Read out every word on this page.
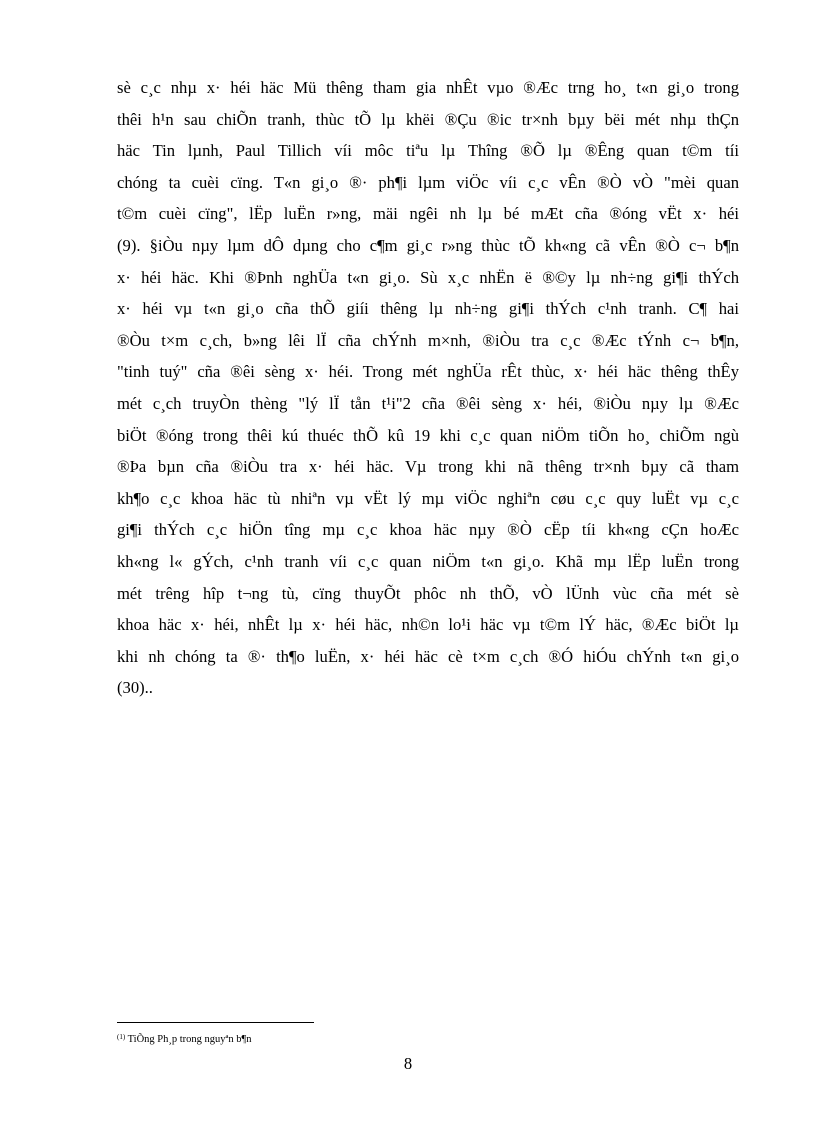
sè c¸c nhµ x· héi häc Mü thêng tham gia nhÊt vµo ®Æc trng ho¸ t«n gi¸o trong
thêi h¹n sau chiÕn tranh, thùc tÕ lµ khëi ®Çu ®ic tr×nh bµy bëi mét nhµ thÇn
häc Tin lµnh, Paul Tillich víi môc tiªu lµ Thîng ®Õ lµ ®Êng quan t©m tíi
chóng ta cuèi cïng. T«n gi¸o ®· ph¶i lµm viÖc víi c¸c vÊn ®Ò vÒ "mèi quan
t©m cuèi cïng", lËp luËn r»ng, mäi ngêi nh lµ bé mÆt cña ®óng vËt x· héi
(9). §iÒu nµy lµm dÔ dµng cho c¶m gi¸c r»ng thùc tÕ kh«ng cã vÊn ®Ò c¬ b¶n
x· héi häc. Khi ®Þnh nghÜa t«n gi¸o. Sù x¸c nhËn ë ®©y lµ nh÷ng gi¶i thÝch
x· héi vµ t«n gi¸o cña thÕ giíi thêng lµ nh÷ng gi¶i thÝch c¹nh tranh. C¶ hai
®Òu t×m c¸ch, b»ng lêi lÏ cña chÝnh m×nh, ®iÒu tra c¸c ®Æc tÝnh c¬ b¶n,
"tinh tuý" cña ®êi sèng x· héi. Trong mét nghÜa rÊt thùc, x· héi häc thêng thÊy
mét c¸ch truyÒn thèng "lý lÏ tån t¹i"2 cña ®êi sèng x· héi, ®iÒu nµy lµ ®Æc
biÖt ®óng trong thêi kú thuéc thÕ kû 19 khi c¸c quan niÖm tiÕn ho¸ chiÕm ngù
®Þa bµn cña ®iÒu tra x· héi häc. Vµ trong khi nã thêng tr×nh bµy cã tham
kh¶o c¸c khoa häc tù nhiªn vµ vËt lý mµ viÖc nghiªn cøu c¸c quy luËt vµ c¸c
gi¶i thÝch c¸c hiÖn tîng mµ c¸c khoa häc nµy ®Ò cËp tíi kh«ng cÇn hoÆc
kh«ng l« gÝch, c¹nh tranh víi c¸c quan niÖm t«n gi¸o. Khã mµ lËp luËn trong
mét trêng hîp t¬ng tù, cïng thuyÕt phôc nh thÕ, vÒ lÜnh vùc cña mét sè
khoa häc x· héi, nhÊt lµ x· héi häc, nh©n lo¹i häc vµ t©m lÝ häc, ®Æc biÖt lµ
khi nh chóng ta ®· th¶o luËn, x· héi häc cè t×m c¸ch ®Ó hiÓu chÝnh t«n gi¸o
(30)..
$^{(1)}$ TiÕng Ph¸p trong nguyªn b¶n
8
